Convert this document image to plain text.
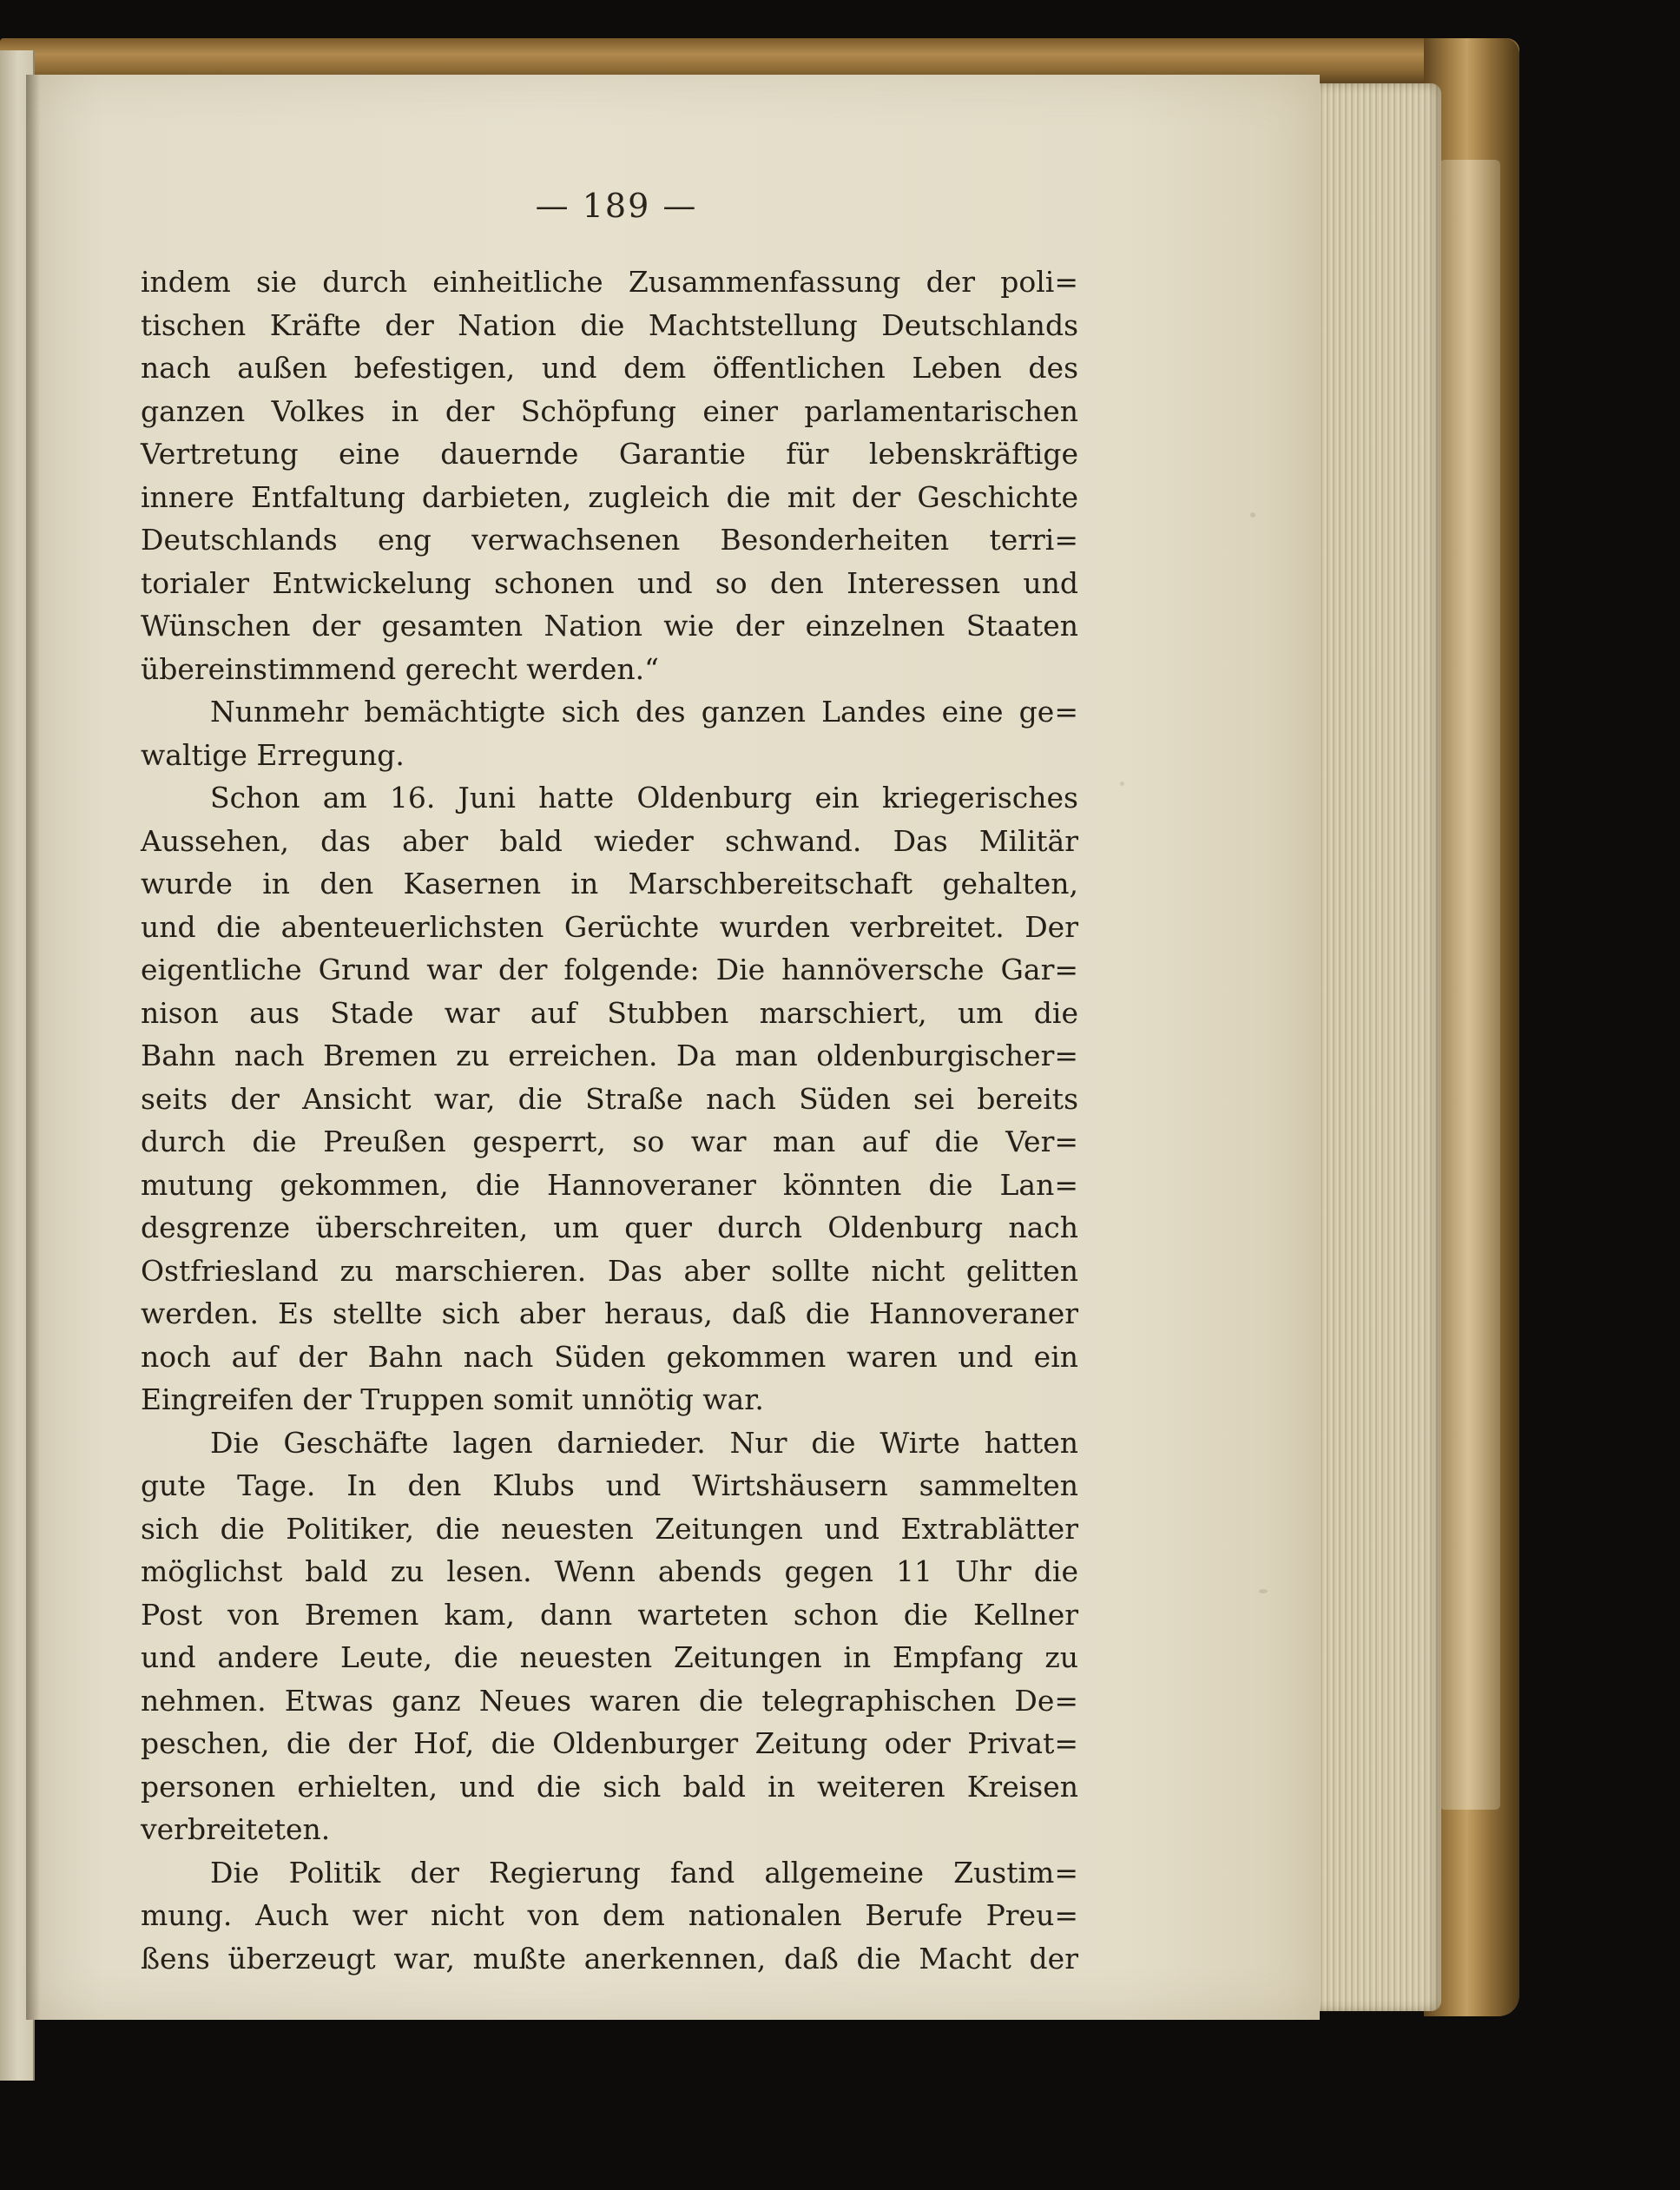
— 189 —
indem sie durch einheitliche Zusammenfassung der poli=
tischen Kräfte der Nation die Machtstellung Deutschlands
nach außen befestigen, und dem öffentlichen Leben des
ganzen Volkes in der Schöpfung einer parlamentarischen
Vertretung eine dauernde Garantie für lebenskräftige
innere Entfaltung darbieten, zugleich die mit der Geschichte
Deutschlands eng verwachsenen Besonderheiten terri=
torialer Entwickelung schonen und so den Interessen und
Wünschen der gesamten Nation wie der einzelnen Staaten
übereinstimmend gerecht werden.“
Nunmehr bemächtigte sich des ganzen Landes eine ge=
waltige Erregung.
Schon am 16. Juni hatte Oldenburg ein kriegerisches
Aussehen, das aber bald wieder schwand. Das Militär
wurde in den Kasernen in Marschbereitschaft gehalten,
und die abenteuerlichsten Gerüchte wurden verbreitet. Der
eigentliche Grund war der folgende: Die hannöversche Gar=
nison aus Stade war auf Stubben marschiert, um die
Bahn nach Bremen zu erreichen. Da man oldenburgischer=
seits der Ansicht war, die Straße nach Süden sei bereits
durch die Preußen gesperrt, so war man auf die Ver=
mutung gekommen, die Hannoveraner könnten die Lan=
desgrenze überschreiten, um quer durch Oldenburg nach
Ostfriesland zu marschieren. Das aber sollte nicht gelitten
werden. Es stellte sich aber heraus, daß die Hannoveraner
noch auf der Bahn nach Süden gekommen waren und ein
Eingreifen der Truppen somit unnötig war.
Die Geschäfte lagen darnieder. Nur die Wirte hatten
gute Tage. In den Klubs und Wirtshäusern sammelten
sich die Politiker, die neuesten Zeitungen und Extrablätter
möglichst bald zu lesen. Wenn abends gegen 11 Uhr die
Post von Bremen kam, dann warteten schon die Kellner
und andere Leute, die neuesten Zeitungen in Empfang zu
nehmen. Etwas ganz Neues waren die telegraphischen De=
peschen, die der Hof, die Oldenburger Zeitung oder Privat=
personen erhielten, und die sich bald in weiteren Kreisen
verbreiteten.
Die Politik der Regierung fand allgemeine Zustim=
mung. Auch wer nicht von dem nationalen Berufe Preu=
ßens überzeugt war, mußte anerkennen, daß die Macht der
